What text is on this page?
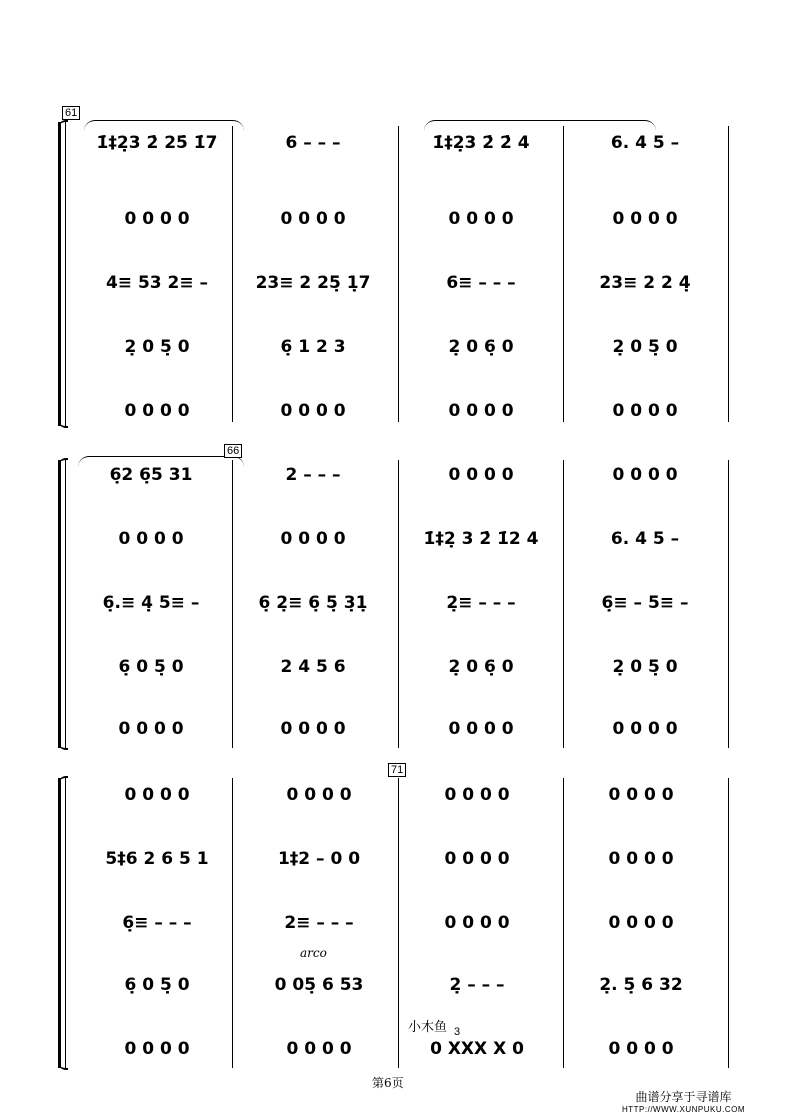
1̇‡2̣3 2̇ 25̇ 1̇7	6 – – –	1̇‡2̣3 2̇ 2̇ 4	6. 4 5 –
0 0 0 0	0 0 0 0	0 0 0 0	0 0 0 0
4≡ 53 2≡ –	23≡ 2 25̣ 1̣7	6≡ – – –	23≡ 2 2 4̣
2̣ 0 5̣ 0	6̣ 1 2 3	2̣ 0 6̣ 0	2̣ 0 5̣ 0
0 0 0 0	0 0 0 0	0 0 0 0	0 0 0 0
61
6̣2 6̣5 31	2 – – –	0 0 0 0	0 0 0 0
0 0 0 0	0 0 0 0	1̇‡2̣ 3 2̇ 1̇2 4	6. 4 5 –
6̣.≡ 4̣ 5≡ –	6̣ 2̣≡ 6̣ 5̣ 3̣1̣	2̣≡ – – –	6̣≡ – 5≡ –
6̣ 0 5̣ 0	2 4 5 6	2̣ 0 6̣ 0	2̣ 0 5̣ 0
0 0 0 0	0 0 0 0	0 0 0 0	0 0 0 0
66
0 0 0 0	0 0 0 0	0 0 0 0	0 0 0 0
5‡6 2 6 5 1	1‡2 – 0 0	0 0 0 0	0 0 0 0
6̣≡ – – –	2≡ – – –	0 0 0 0	0 0 0 0
arco
6̣ 0 5̣ 0	0 05̣ 6 53	2̣ – – –	2̣. 5̣ 6 32
小木鱼 3
0 0 0 0	0 0 0 0	0 XXX X 0	0 0 0 0
71
第6页
曲谱分享于寻谱库
HTTP://WWW.XUNPUKU.COM
